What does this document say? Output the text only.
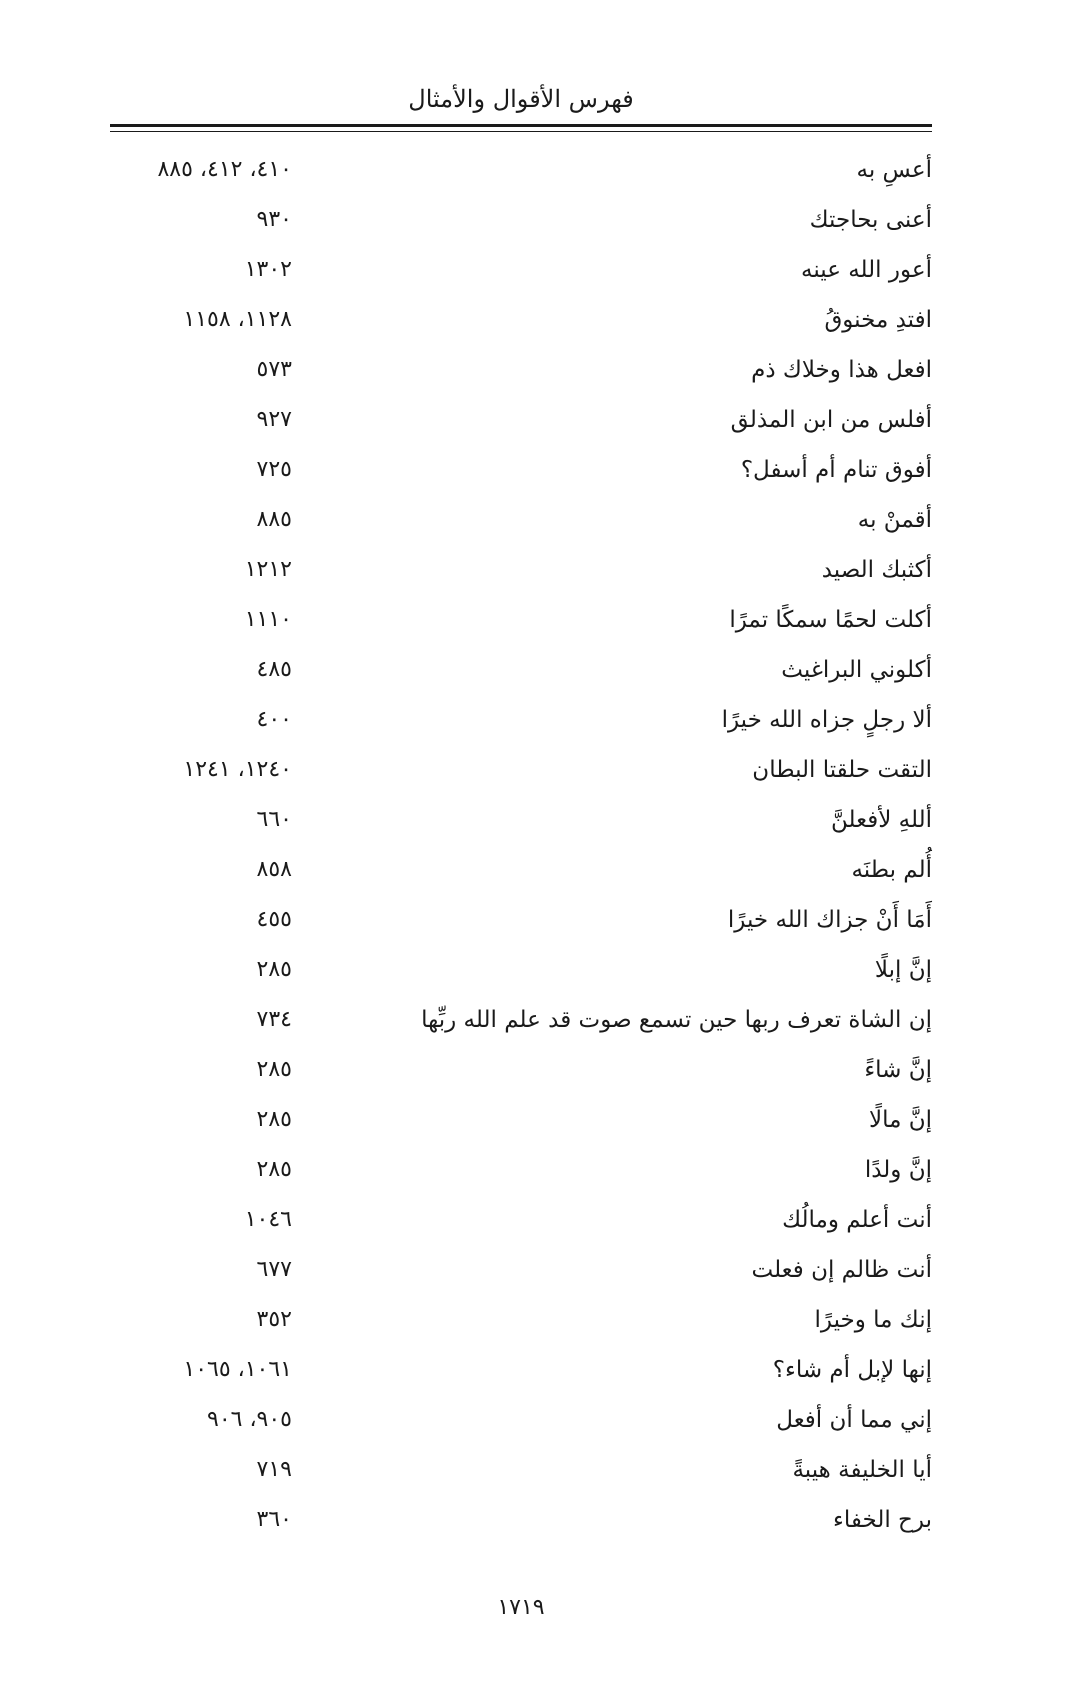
فهرس الأقوال والأمثال
أعسِ به
٤١٠، ٤١٢، ٨٨٥
أعنى بحاجتك
٩٣٠
أعور الله عينه
١٣٠٢
افتدِ مخنوقُ
١١٢٨، ١١٥٨
افعل هذا وخلاك ذم
٥٧٣
أفلس من ابن المذلق
٩٢٧
أفوق تنام أم أسفل؟
٧٢٥
أقمنْ به
٨٨٥
أكثبك الصيد
١٢١٢
أكلت لحمًا سمكًا تمرًا
١١١٠
أكلوني البراغيث
٤٨٥
ألا رجلٍ جزاه الله خيرًا
٤٠٠
التقت حلقتا البطان
١٢٤٠، ١٢٤١
أللهِ لأفعلنَّ
٦٦٠
أُلم بطنَه
٨٥٨
أَمَا أَنْ جزاك الله خيرًا
٤٥٥
إنَّ إبلًا
٢٨٥
إن الشاة تعرف ربها حين تسمع صوت قد علم الله ربِّها
٧٣٤
إنَّ شاءً
٢٨٥
إنَّ مالًا
٢٨٥
إنَّ ولدًا
٢٨٥
أنت أعلم ومالُك
١٠٤٦
أنت ظالم إن فعلت
٦٧٧
إنك ما وخيرًا
٣٥٢
إنها لإبل أم شاء؟
١٠٦١، ١٠٦٥
إني مما أن أفعل
٩٠٥، ٩٠٦
أيا الخليفة هيبةً
٧١٩
برح الخفاء
٣٦٠
١٧١٩
